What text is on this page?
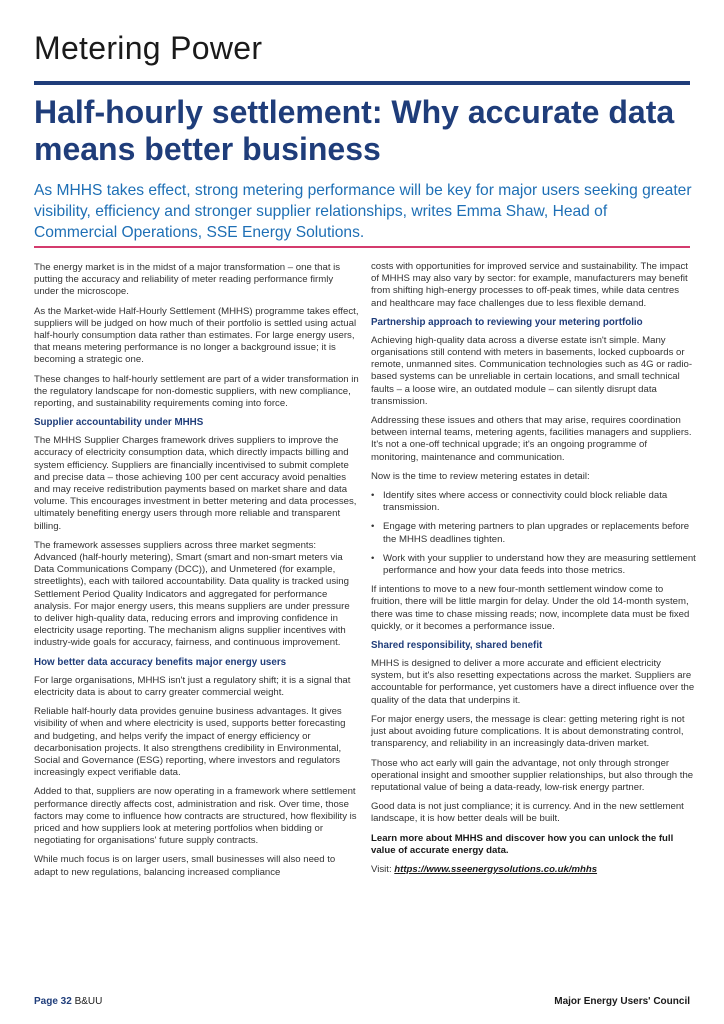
Metering Power
Half-hourly settlement: Why accurate data means better business

As MHHS takes effect, strong metering performance will be key for major users seeking greater visibility, efficiency and stronger supplier relationships, writes Emma Shaw, Head of Commercial Operations, SSE Energy Solutions.

The energy market is in the midst of a major transformation – one that is putting the accuracy and reliability of meter reading performance firmly under the microscope.

As the Market-wide Half-Hourly Settlement (MHHS) programme takes effect, suppliers will be judged on how much of their portfolio is settled using actual half-hourly consumption data rather than estimates. For large energy users, that means metering performance is no longer a background issue; it is becoming a strategic one.

These changes to half-hourly settlement are part of a wider transformation in the regulatory landscape for non-domestic suppliers, with new compliance, reporting, and sustainability requirements coming into force.

Supplier accountability under MHHS

The MHHS Supplier Charges framework drives suppliers to improve the accuracy of electricity consumption data, which directly impacts billing and system efficiency. Suppliers are financially incentivised to submit complete and precise data – those achieving 100 per cent accuracy avoid penalties and may receive redistribution payments based on market share and data volume. This encourages investment in better metering and data processes, ultimately benefiting energy users through more reliable and transparent billing.

The framework assesses suppliers across three market segments: Advanced (half-hourly metering), Smart (smart and non-smart meters via Data Communications Company (DCC)), and Unmetered (for example, streetlights), each with tailored accountability. Data quality is tracked using Settlement Period Quality Indicators and aggregated for performance analysis. For major energy users, this means suppliers are under pressure to deliver high-quality data, reducing errors and improving confidence in electricity usage reporting. The mechanism aligns supplier incentives with industry-wide goals for accuracy, fairness, and continuous improvement.

How better data accuracy benefits major energy users

For large organisations, MHHS isn't just a regulatory shift; it is a signal that electricity data is about to carry greater commercial weight.

Reliable half-hourly data provides genuine business advantages. It gives visibility of when and where electricity is used, supports better forecasting and budgeting, and helps verify the impact of energy efficiency or decarbonisation projects. It also strengthens credibility in Environmental, Social and Governance (ESG) reporting, where investors and regulators increasingly expect verifiable data.

Added to that, suppliers are now operating in a framework where settlement performance directly affects cost, administration and risk. Over time, those factors may come to influence how contracts are structured, how flexibility is priced and how suppliers look at metering portfolios when bidding or negotiating for organisations' future supply contracts.

While much focus is on larger users, small businesses will also need to adapt to new regulations, balancing increased compliance

costs with opportunities for improved service and sustainability. The impact of MHHS may also vary by sector: for example, manufacturers may benefit from shifting high-energy processes to off-peak times, while data centres and healthcare may face challenges due to less flexible demand.

Partnership approach to reviewing your metering portfolio

Achieving high-quality data across a diverse estate isn't simple. Many organisations still contend with meters in basements, locked cupboards or remote, unmanned sites. Communication technologies such as 4G or radio-based systems can be unreliable in certain locations, and small technical faults – a loose wire, an outdated module – can silently disrupt data transmission.

Addressing these issues and others that may arise, requires coordination between internal teams, metering agents, facilities managers and suppliers. It's not a one-off technical upgrade; it's an ongoing programme of monitoring, maintenance and communication.

Now is the time to review metering estates in detail:

• Identify sites where access or connectivity could block reliable data transmission.
• Engage with metering partners to plan upgrades or replacements before the MHHS deadlines tighten.
• Work with your supplier to understand how they are measuring settlement performance and how your data feeds into those metrics.

If intentions to move to a new four-month settlement window come to fruition, there will be little margin for delay. Under the old 14-month system, there was time to chase missing reads; now, incomplete data must be fixed quickly, or it becomes a performance issue.

Shared responsibility, shared benefit

MHHS is designed to deliver a more accurate and efficient electricity system, but it's also resetting expectations across the market. Suppliers are accountable for performance, yet customers have a direct influence over the quality of the data that underpins it.

For major energy users, the message is clear: getting metering right is not just about avoiding future complications. It is about demonstrating control, transparency, and reliability in an increasingly data-driven market.

Those who act early will gain the advantage, not only through stronger operational insight and smoother supplier relationships, but also through the reputational value of being a data-ready, low-risk energy partner.

Good data is not just compliance; it is currency. And in the new settlement landscape, it is how better deals will be built.

Learn more about MHHS and discover how you can unlock the full value of accurate energy data.

Visit: https://www.sseenergysolutions.co.uk/mhhs

Page 32 B&UU	Major Energy Users' Council
